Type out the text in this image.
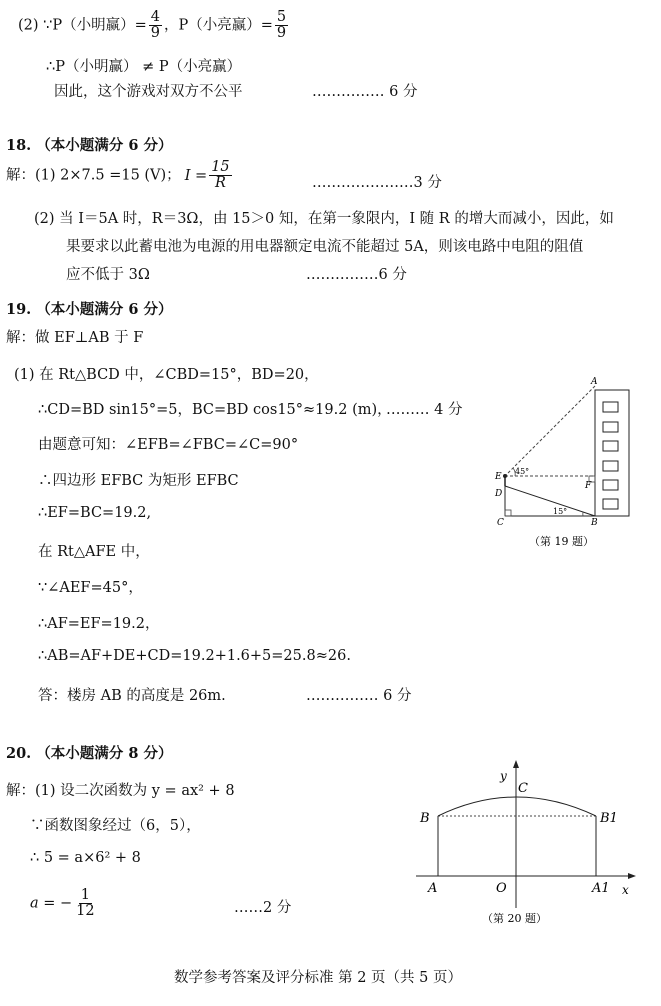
(2) ∵P（小明赢）= $\frac{4}{9}$ ，P（小亮赢）= $\frac{5}{9}$
∴P（小明赢） ≠ P（小亮赢）
因此，这个游戏对双方不公平	…………… 6 分
18. （本小题满分 6 分）
解：(1) 2×7.5 =15 (V)； $I = \frac{15}{R}$	…………………3 分
(2) 当 I＝5A 时，R＝3Ω，由 15＞0 知，在第一象限内，I 随 R 的增大而减小，因此，如
果要求以此蓄电池为电源的用电器额定电流不能超过 5A，则该电路中电阻的阻值
应不低于 3Ω	……………6 分
19. （本小题满分 6 分）
解：做 EF⊥AB 于 F
(1) 在 Rt△BCD 中，∠CBD=15°，BD=20，
∴CD=BD sin15°=5，BC=BD cos15°≈19.2 (m)，
……… 4 分
由题意可知：∠EFB=∠FBC=∠C=90°
∴四边形 EFBC 为矩形 EFBC
∴EF=BC=19.2,
在 Rt△AFE 中，
∵∠AEF=45°，
∴AF=EF=19.2，
∴AB=AF+DE+CD=19.2+1.6+5=25.8≈26.
答：楼房 AB 的高度是 26m.	…………… 6 分
A
E
D
C
F
B
45°
15°
（第 19 题）
20. （本小题满分 8 分）
解：(1) 设二次函数为 y = ax² + 8
∵函数图象经过（6，5），
∴ 5 = a×6² + 8
a = − $\frac{1}{12}$	……2 分
y
C
B	B1
A	O	A1 x
（第 20 题）
数学参考答案及评分标准 第 2 页（共 5 页）
